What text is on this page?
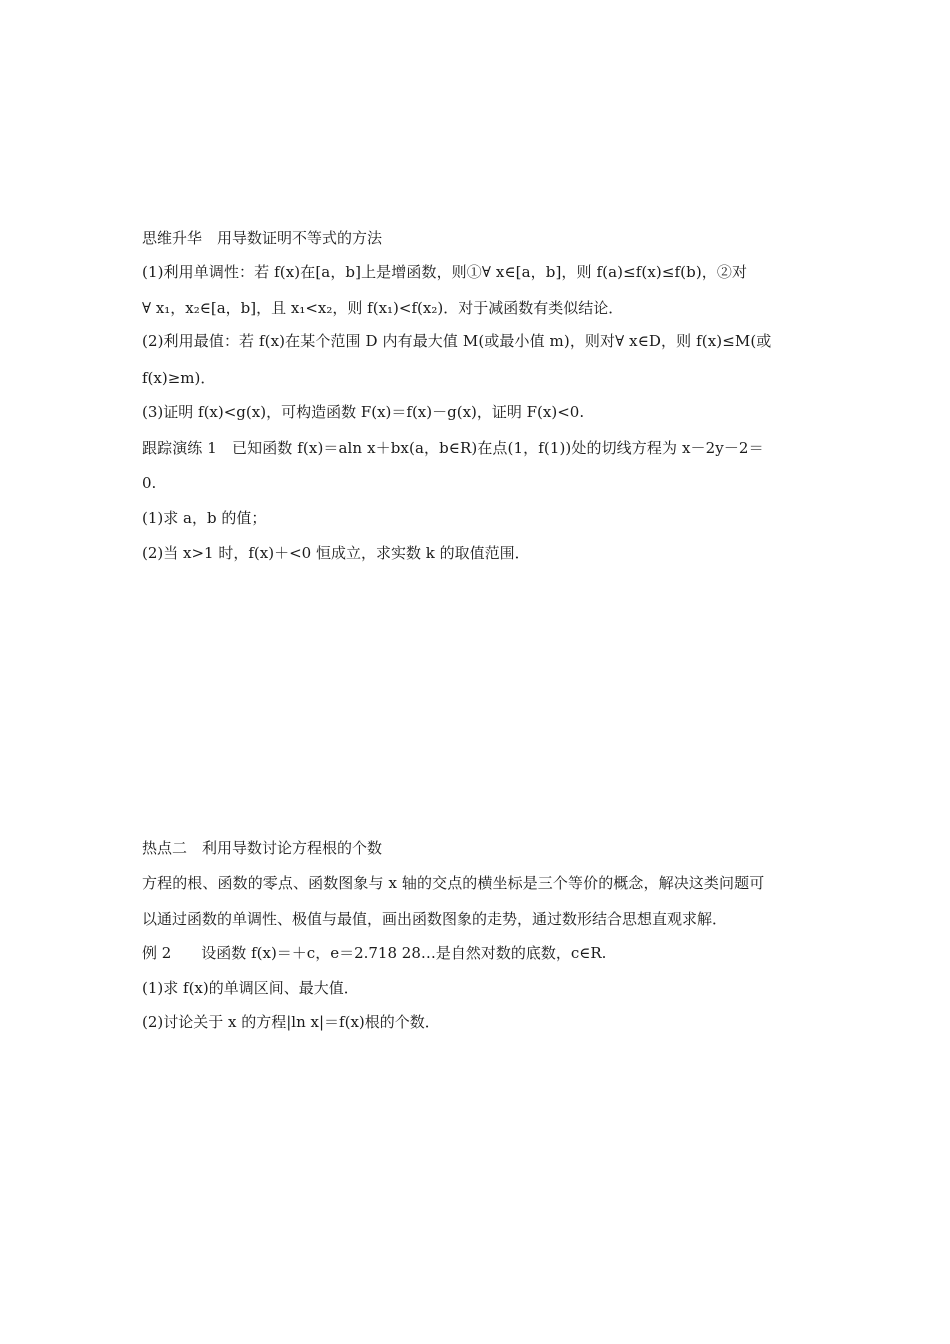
思维升华　用导数证明不等式的方法
(1)利用单调性：若 f(x)在[a，b]上是增函数，则①∀ x∈[a，b]，则 f(a)≤f(x)≤f(b)，②对
∀ x₁，x₂∈[a，b]，且 x₁<x₂，则 f(x₁)<f(x₂)．对于减函数有类似结论．
(2)利用最值：若 f(x)在某个范围 D 内有最大值 M(或最小值 m)，则对∀ x∈D，则 f(x)≤M(或
f(x)≥m)．
(3)证明 f(x)<g(x)，可构造函数 F(x)＝f(x)－g(x)，证明 F(x)<0.
跟踪演练 1　已知函数 f(x)＝aln x＋bx(a，b∈R)在点(1，f(1))处的切线方程为 x－2y－2＝
0.
(1)求 a，b 的值；
(2)当 x>1 时，f(x)＋<0 恒成立，求实数 k 的取值范围．
热点二　利用导数讨论方程根的个数
方程的根、函数的零点、函数图象与 x 轴的交点的横坐标是三个等价的概念，解决这类问题可
以通过函数的单调性、极值与最值，画出函数图象的走势，通过数形结合思想直观求解．
例 2　　设函数 f(x)＝＋c，e＝2.718 28…是自然对数的底数，c∈R.
(1)求 f(x)的单调区间、最大值．
(2)讨论关于 x 的方程|ln x|＝f(x)根的个数．
